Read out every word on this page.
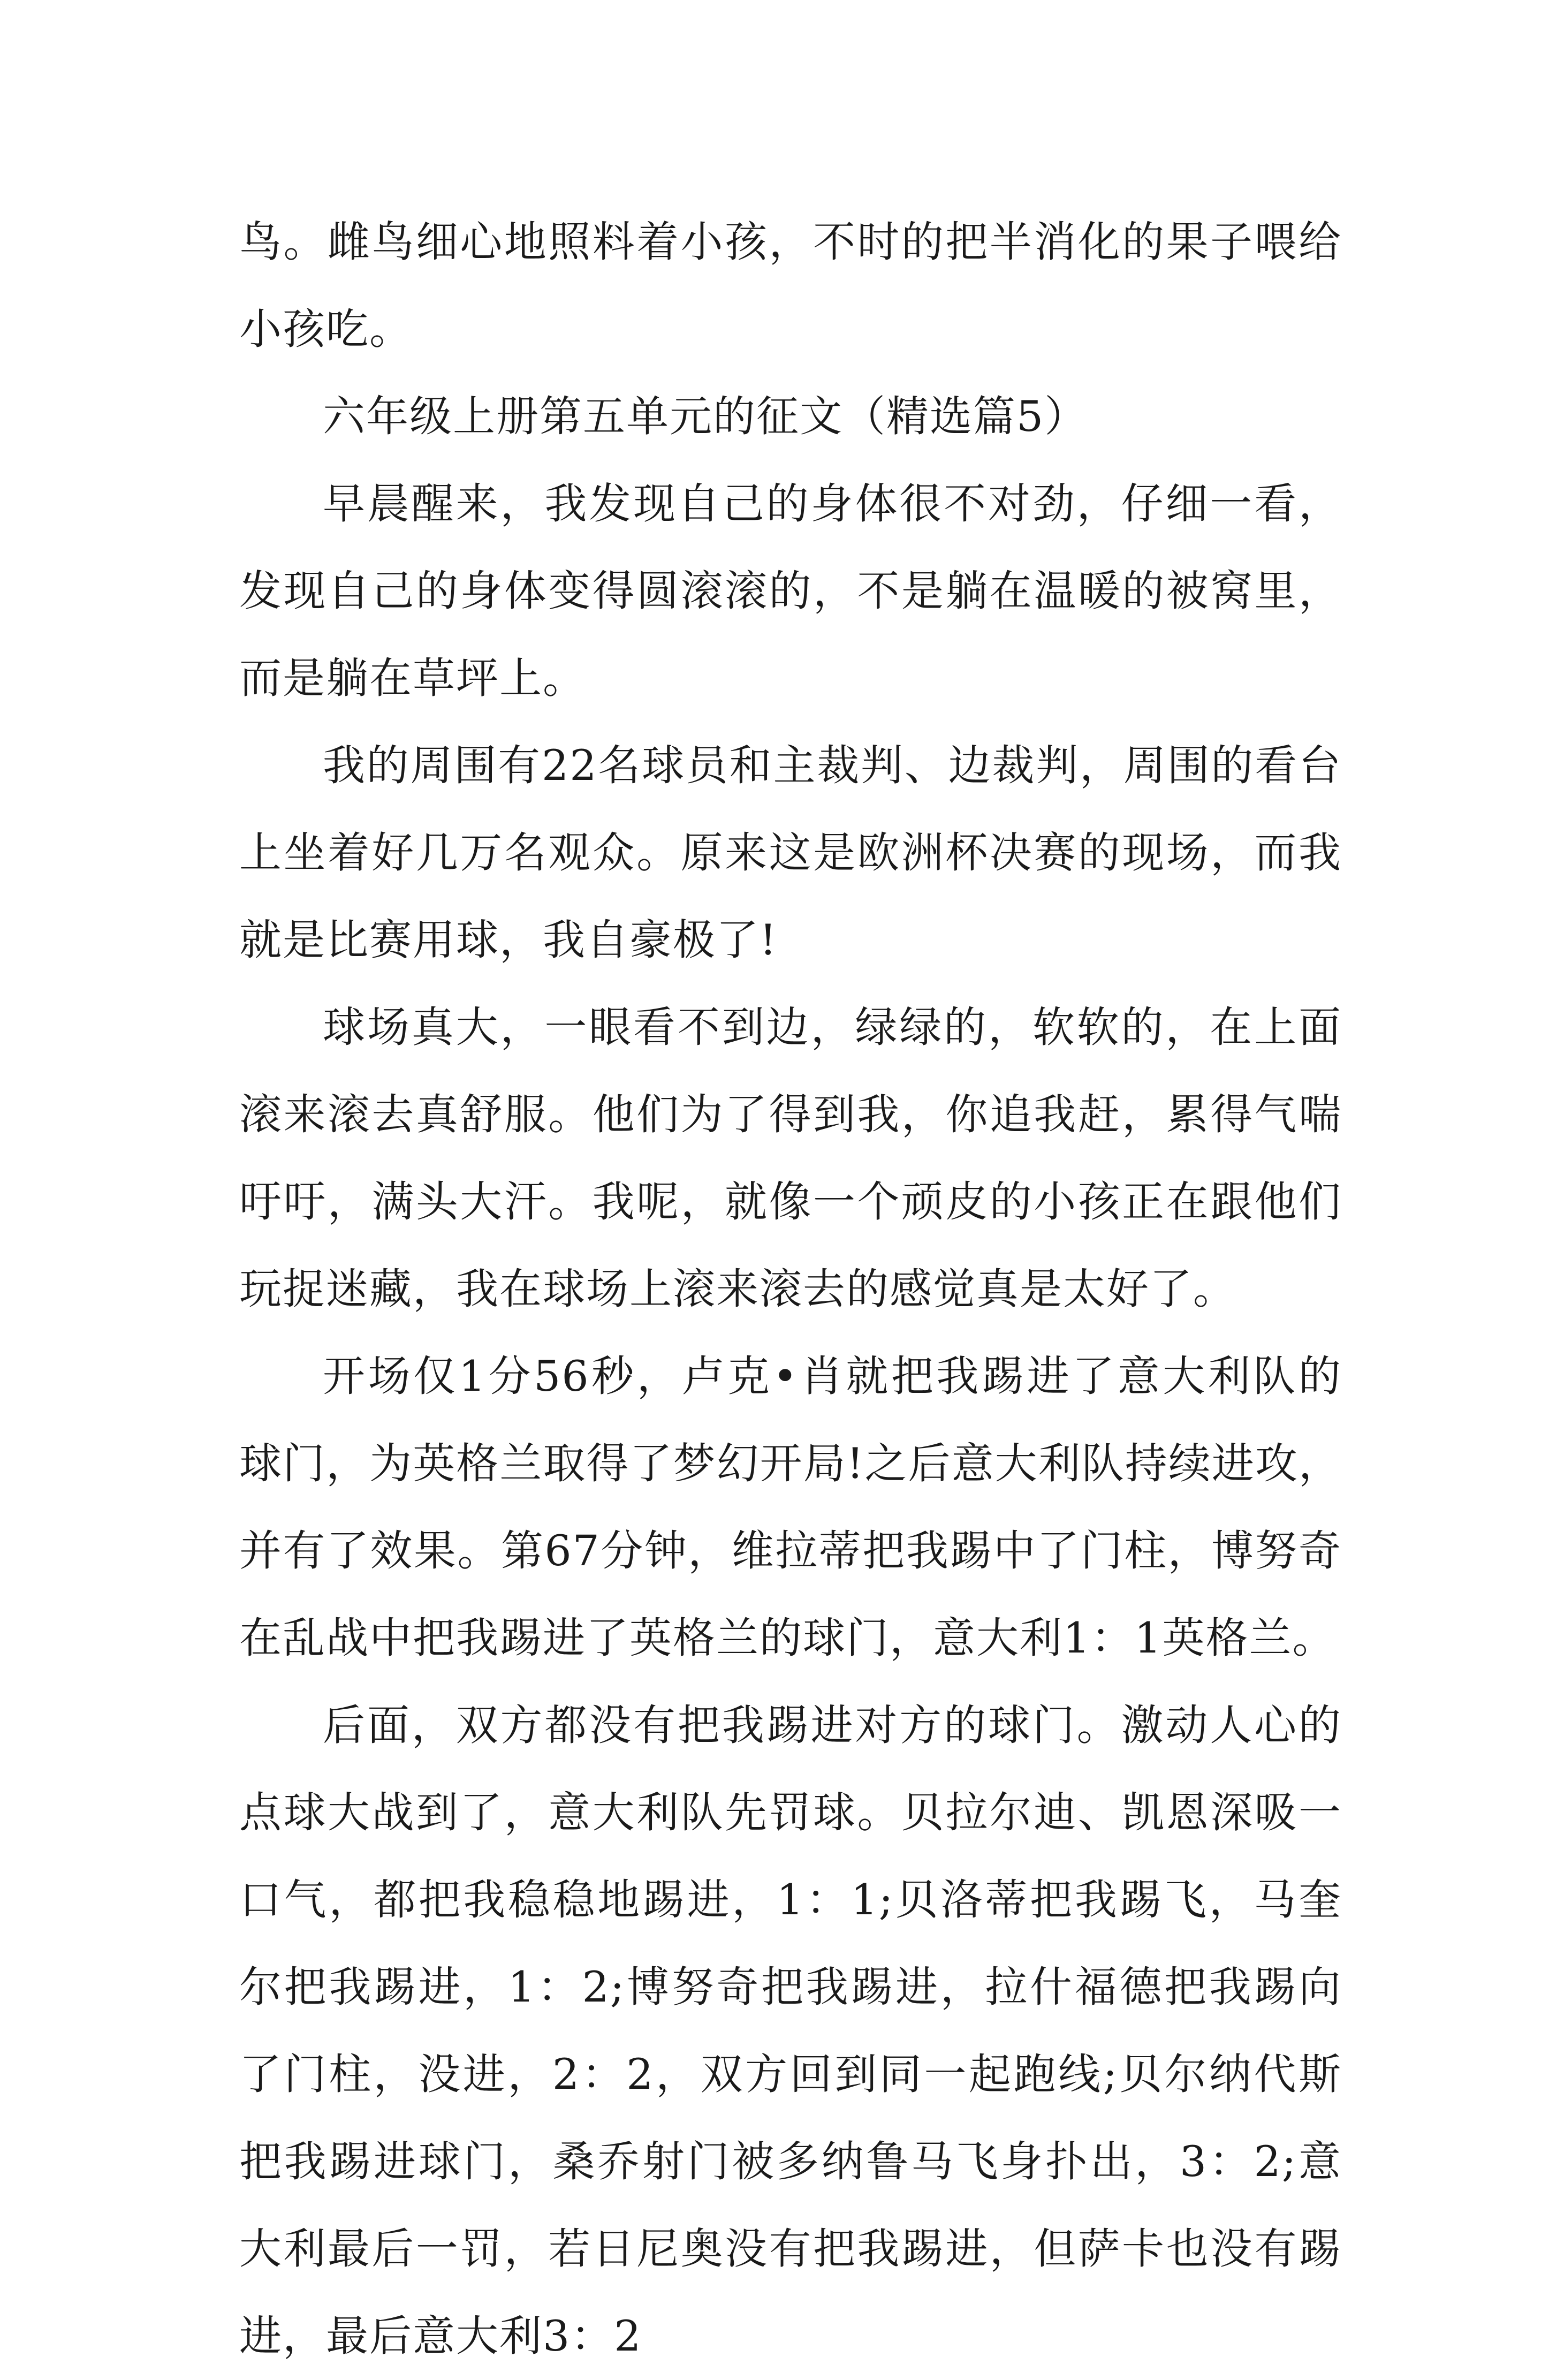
鸟。雌鸟细心地照料着小孩，不时的把半消化的果子喂给小孩吃。

六年级上册第五单元的征文（精选篇5）

早晨醒来，我发现自己的身体很不对劲，仔细一看，发现自己的身体变得圆滚滚的，不是躺在温暖的被窝里，而是躺在草坪上。

我的周围有22名球员和主裁判、边裁判，周围的看台上坐着好几万名观众。原来这是欧洲杯决赛的现场，而我就是比赛用球，我自豪极了!

球场真大，一眼看不到边，绿绿的，软软的，在上面滚来滚去真舒服。他们为了得到我，你追我赶，累得气喘吁吁，满头大汗。我呢，就像一个顽皮的小孩正在跟他们玩捉迷藏，我在球场上滚来滚去的感觉真是太好了。

开场仅1分56秒，卢克•肖就把我踢进了意大利队的球门，为英格兰取得了梦幻开局!之后意大利队持续进攻，并有了效果。第67分钟，维拉蒂把我踢中了门柱，博努奇在乱战中把我踢进了英格兰的球门，意大利1：1英格兰。

后面，双方都没有把我踢进对方的球门。激动人心的点球大战到了，意大利队先罚球。贝拉尔迪、凯恩深吸一口气，都把我稳稳地踢进，1：1;贝洛蒂把我踢飞，马奎尔把我踢进，1：2;博努奇把我踢进，拉什福德把我踢向了门柱，没进，2：2，双方回到同一起跑线;贝尔纳代斯把我踢进球门，桑乔射门被多纳鲁马飞身扑出，3：2;意大利最后一罚，若日尼奥没有把我踢进，但萨卡也没有踢进，最后意大利3：2
